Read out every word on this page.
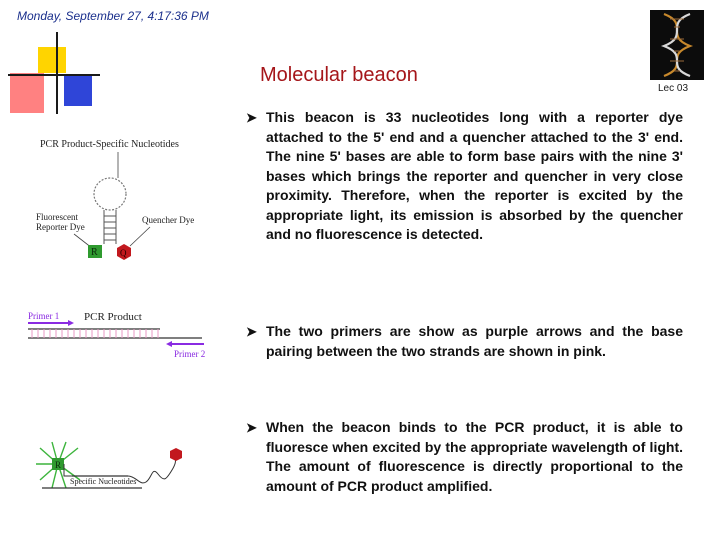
Monday, September 27, 4:17:36 PM
Lec 03
Molecular beacon
PCR Product-Specific Nucleotides
Fluorescent
Reporter Dye
Quencher Dye
R Q
Primer 1 PCR Product
Primer 2
R
Specific Nucleotides
➤ This beacon is 33 nucleotides long with a reporter dye attached to the 5' end and a quencher attached to the 3' end. The nine 5' bases are able to form base pairs with the nine 3' bases which brings the reporter and quencher in very close proximity. Therefore, when the reporter is excited by the appropriate light, its emission is absorbed by the quencher and no fluorescence is detected.
➤ The two primers are show as purple arrows and the base pairing between the two strands are shown in pink.
➤ When the beacon binds to the PCR product, it is able to fluoresce when excited by the appropriate wavelength of light. The amount of fluorescence is directly proportional to the amount of PCR product amplified.
